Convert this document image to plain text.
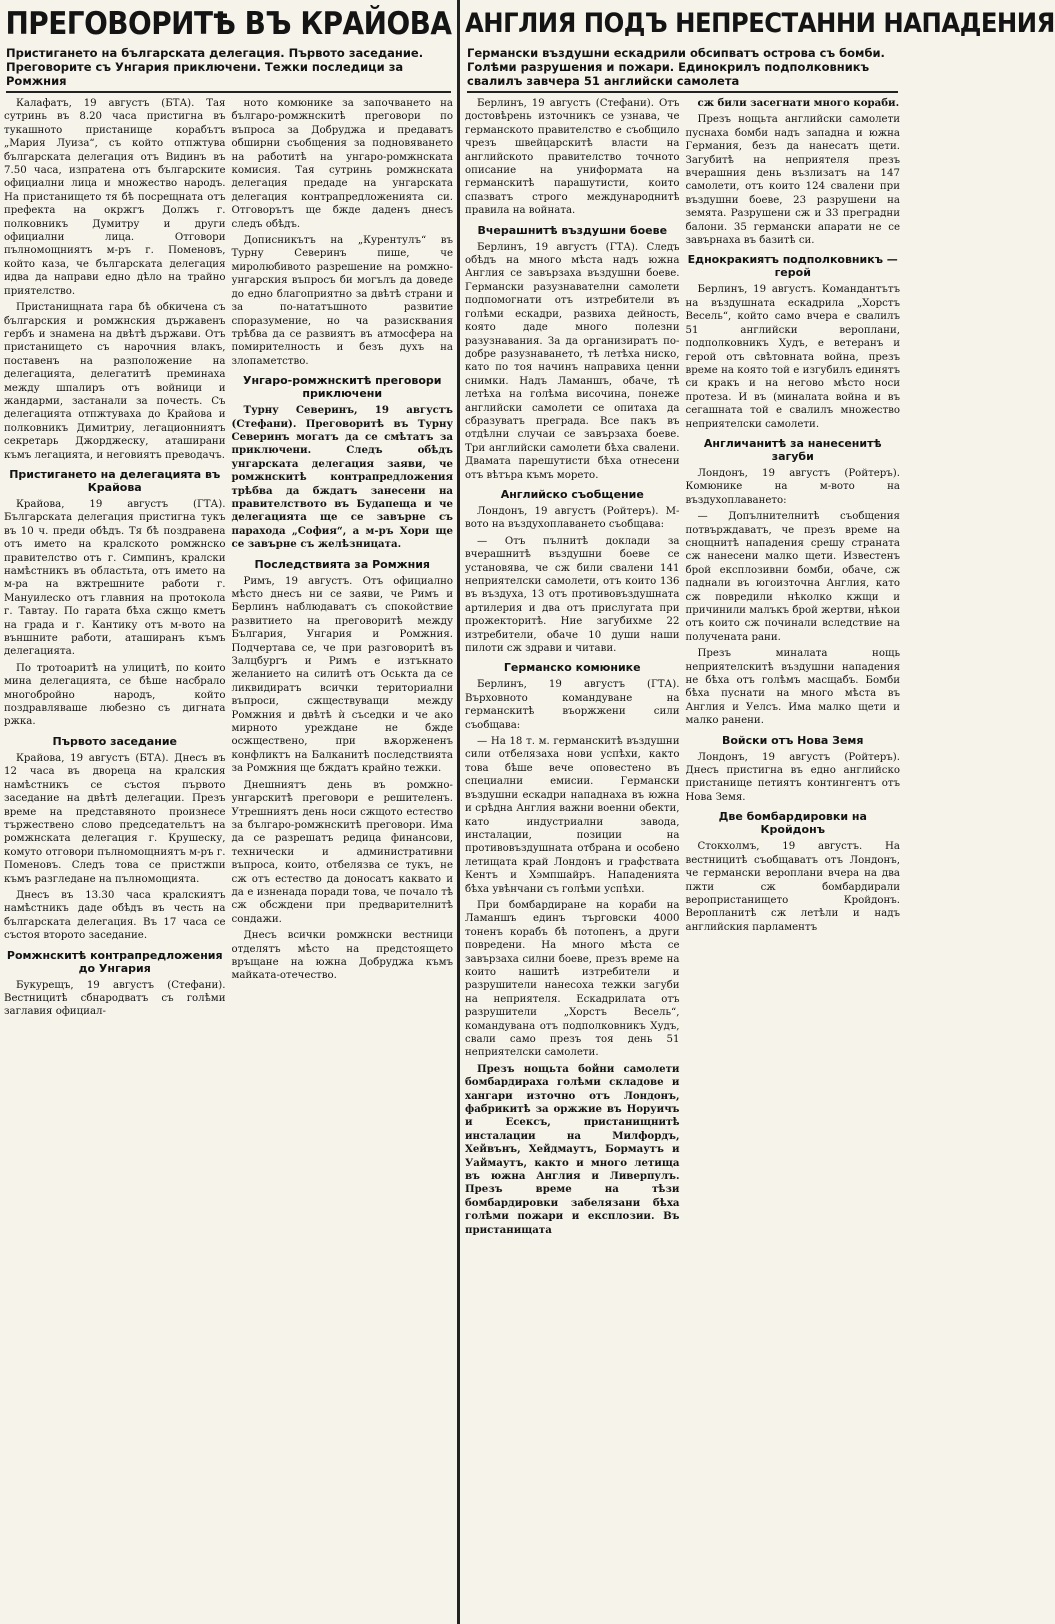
ПРЕГОВОРИТѢ ВЪ КРАЙОВА
Пристигането на българската делегация. Първото заседание. Преговорите съ Унгария приключени. Тежки последици за Ромжния

Калафатъ, 19 августъ (БТА). Тая сутринь въ 8.20 часа пристигна въ тукашното пристанище корабътъ „Мария Луиза“, съ който отпжтува българската делегация отъ Видинъ въ 7.50 часа, изпратена отъ българските официални лица и множество народъ. На пристанището тя бѣ посрещната отъ префекта на окржгъ Должъ г. полковникъ Думитру и други официални лица. Отговори пълномощниятъ м-ръ г. Поменовъ, който каза, че българската делегация идва да направи едно дѣло на трайно приятелство.

Пристанищната гара бѣ обкичена съ българския и ромжнския държавенъ гербъ и знамена на двѣтѣ държави. Отъ пристанището съ нарочния влакъ, поставенъ на разположение на делегацията, делегатитѣ преминаха между шпалиръ отъ войници и жандарми, застанали за почесть. Съ делегацията отпжтуваха до Крайова и полковникъ Димитриу, легационниятъ секретарь Джорджеску, аташирани къмъ легацията, и неговиятъ преводачъ.

Пристигането на делегацията въ Крайова

Крайова, 19 августъ (ГТА). Българската делегация пристигна тукъ въ 10 ч. преди обѣдъ. Тя бѣ поздравена отъ името на кралското ромжнско правителство отъ г. Симпинъ, кралски намѣстникъ въ областьта, отъ името на м-ра на вжтрешните работи г. Мануилеско отъ главния на протокола г. Тавтау. По гарата бѣха сжщо кметъ на града и г. Кантику отъ м-вото на външните работи, аташиранъ къмъ делегацията.

По тротоаритѣ на улицитѣ, по които мина делегацията, се бѣше насбрало многобройно народъ, който поздравляваше любезно съ дигната ржка.

Първото заседание

Крайова, 19 августъ (БТА). Днесъ въ 12 часа въ двореца на кралския намѣстникъ се състоя първото заседание на двѣтѣ делегации. Презъ време на представяното произнесе тържествено слово председательтъ на ромжнската делегация г. Крушеску, комуто отговори пълномощниятъ м-ръ г. Поменовъ. Следъ това се пристжпи къмъ разгледане на пълномощията.

Днесъ въ 13.30 часа кралскиятъ намѣстникъ даде обѣдъ въ честь на българската делегация. Въ 17 часа се състоя второто заседание.

Ромжнскитѣ контрапредложения до Унгария

Букурещъ, 19 августъ (Стефани). Вестницитѣ сбнародватъ съ голѣми заглавия официал-

ното комюнике за започването на българо-ромжнскитѣ преговори по въпроса за Добруджа и предаватъ обширни съобщения за подновяването на работитѣ на унгаро-ромжнската комисия. Тая сутринь ромжнската делегация предаде на унгарската делегация контрапредложенията си. Отговорътъ ще бжде даденъ днесъ следъ обѣдъ.

Дописникътъ на „Курентулъ“ въ Турну Северинъ пише, че миролюбивото разрешение на ромжно-унгарския въпросъ би могълъ да доведе до едно благоприятно за двѣтѣ страни и за по-нататъшното развитие споразумение, но ча разисквания трѣбва да се развиятъ въ атмосфера на помирителность и безъ духъ на злопаметство.

Унгаро-ромжнскитѣ преговори приключени

Турну Северинъ, 19 августъ (Стефани). Преговоритѣ въ Турну Северинъ могатъ да се смѣтатъ за приключени. Следъ обѣдъ унгарската делегация заяви, че ромжнскитѣ контрапредложения трѣбва да бждатъ занесени на правителството въ Будапеща и че делегацията ще се завърне съ парахода „София“, а м-ръ Хори ще се завърне съ желѣзницата.

Последствията за Ромжния

Римъ, 19 августъ. Отъ официално мѣсто днесъ ни се заяви, че Римъ и Берлинъ наблюдаватъ съ спокойствие развитието на преговоритѣ между България, Унгария и Ромжния. Подчертава се, че при разговоритѣ въ Залцбургъ и Римъ е изтъкнато желанието на силитѣ отъ Оськта да се ликвидиратъ всички териториални въпроси, сжществуващи между Ромжния и двѣтѣ ѝ съседки и че ако мирното уреждане не бжде осжществено, при вѫоржененъ конфликтъ на Балканитѣ последствията за Ромжния ще бждатъ крайно тежки.

Днешниятъ день въ ромжно-унгарскитѣ преговори е решителенъ. Утрешниятъ день носи сжщото естество за българо-ромжнскитѣ преговори. Има да се разрешатъ редица финансови, технически и административни въпроса, които, отбелязва се тукъ, не сж отъ естество да доносатъ каквато и да е изненада поради това, че почало тѣ сж обсждени при предварителнитѣ сондажи.

Днесъ всички ромжнски вестници отделятъ мѣсто на предстоящето връщане на южна Добруджа къмъ майката-отечество.

АНГЛИЯ ПОДЪ НЕПРЕСТАННИ НАПАДЕНИЯ
Германски въздушни ескадрили обсипватъ острова съ бомби. Голѣми разрушения и пожари. Единокрилъ подполковникъ свалилъ завчера 51 английски самолета

Берлинъ, 19 августъ (Стефани). Отъ достовѣрень източникъ се узнава, че германското правителство е съобщило чрезъ швейцарскитѣ власти на английското правителство точното описание на униформата на германскитѣ парашутисти, които спазватъ строго международнитѣ правила на войната.

Вчерашнитѣ въздушни боеве

Берлинъ, 19 августъ (ГТА). Следъ обѣдъ на много мѣста надъ южна Англия се завързаха въздушни боеве. Германски разузнавателни самолети подпомогнати отъ изтребители въ голѣми ескадри, развиха дейность, която даде много полезни разузнавания. За да организиратъ по-добре разузнаването, тѣ летѣха ниско, като по тоя начинъ направиха ценни снимки. Надъ Ламаншъ, обаче, тѣ летѣха на голѣма височина, понеже английски самолети се опитаха да сбразуватъ преграда. Все пакъ въ отдѣлни случаи се завързаха боеве. Три английски самолети бѣха свалени. Двамата парешутисти бѣха отнесени отъ вѣтъра къмъ морето.

Английско съобщение

Лондонъ, 19 августъ (Ройтеръ). М-вото на въздухоплаването съобщава:

— Отъ пълнитѣ доклади за вчерашнитѣ въздушни боеве се установява, че сж били свалени 141 неприятелски самолети, отъ които 136 въ въздуха, 13 отъ противовъздушната артилерия и два отъ прислугата при прожекторитѣ. Ние загубихме 22 изтребители, обаче 10 души наши пилоти сж здрави и читави.

Германско комюнике

Берлинъ, 19 августъ (ГТА). Върховното командуване на германскитѣ въоржжени сили съобщава:

— На 18 т. м. германскитѣ въздушни сили отбелязаха нови успѣхи, както това бѣше вече оповестено въ специални емисии. Германски въздушни ескадри нападнаха въ южна и срѣдна Англия важни военни обекти, като индустриални завода, инсталации, позиции на противовъздушната отбрана и особено летищата край Лондонъ и графствата Кентъ и Хэмпшайръ. Нападенията бѣха увѣнчани съ голѣми успѣхи.

При бомбардиране на кораби на Ламаншъ единъ търговски 4000 тоненъ корабъ бѣ потопенъ, а други повредени. На много мѣста се завързаха силни боеве, презъ време на които нашитѣ изтребители и разрушители нанесоха тежки загуби на неприятеля. Ескадрилата отъ разрушители „Хорстъ Весель“, командувана отъ подполковникъ Худъ, свали само презъ тоя день 51 неприятелски самолети.

Презъ нощьта бойни самолети бомбардираха голѣми складове и хангари източно отъ Лондонъ, фабрикитѣ за оржжие въ Норуичъ и Есексъ, пристанищнитѣ инсталации на Милфордъ, Хейвънъ, Хейдмаутъ, Бормаутъ и Уаймаутъ, както и много летища въ южна Англия и Ливерпулъ. Презъ време на тѣзи бомбардировки забелязани бѣха голѣми пожари и експлозии. Въ пристанищата

сж били засегнати много кораби.

Презъ нощьта английски самолети пуснаха бомби надъ западна и южна Германия, безъ да нанесатъ щети. Загубитѣ на неприятеля презъ вчерашния день възлизатъ на 147 самолети, отъ които 124 свалени при въздушни боеве, 23 разрушени на земята. Разрушени сж и 33 преградни балони. 35 германски апарати не се завърнаха въ базитѣ си.

Еднокракиятъ подполковникъ — герой

Берлинъ, 19 августъ. Командантътъ на въздушната ескадрила „Хорстъ Весель“, който само вчера е свалилъ 51 английски вероплани, подполковникъ Худъ, е ветеранъ и герой отъ свѣтовната война, презъ време на която той е изгубилъ единятъ си кракъ и на негово мѣсто носи протеза. И въ (миналата война и въ сегашната той е свалилъ множество неприятелски самолети.

Англичанитѣ за нанесенитѣ загуби

Лондонъ, 19 августъ (Ройтеръ). Комюнике на м-вото на въздухоплаването:

— Допълнителнитѣ съобщения потвърждаватъ, че презъ време на снощнитѣ нападения срешу страната сж нанесени малко щети. Известенъ брой експлозивни бомби, обаче, сж паднали въ югоизточна Англия, като сж повредили нѣколко кжщи и причинили малъкъ брой жертви, нѣкои отъ които сж починали вследствие на получената рани.

Презъ миналата нощь неприятелскитѣ въздушни нападения не бѣха отъ голѣмъ масщабъ. Бомби бѣха пуснати на много мѣста въ Англия и Уелсъ. Има малко щети и малко ранени.

Войски отъ Нова Земя

Лондонъ, 19 августъ (Ройтеръ). Днесъ пристигна въ едно английско пристанище петиятъ контингентъ отъ Нова Земя.

Две бомбардировки на Кройдонъ

Стокхолмъ, 19 августъ. На вестницитѣ съобщаватъ отъ Лондонъ, че германски вероплани вчера на два пжти сж бомбардирали веропристанището Кройдонъ. Веропланитѣ сж летѣли и надъ английския парламентъ
